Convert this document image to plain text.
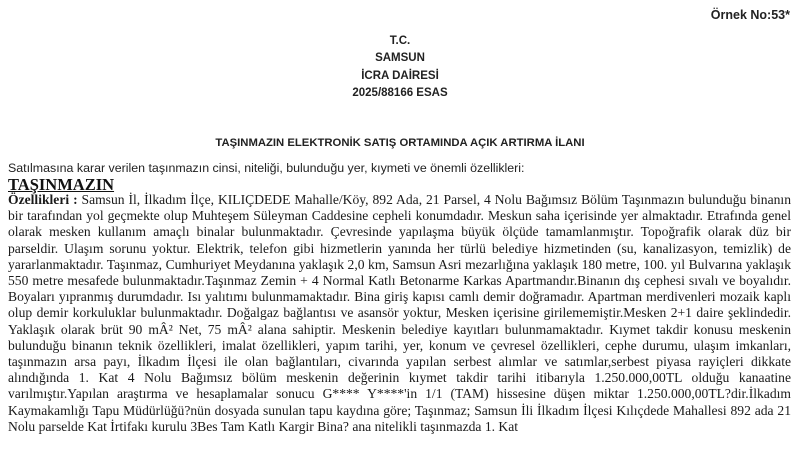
Örnek No:53*
T.C.
SAMSUN
İCRA DAİRESİ
2025/88166 ESAS
TAŞINMAZIN ELEKTRONİK SATIŞ ORTAMINDA AÇIK ARTIRMA İLANI
Satılmasına karar verilen taşınmazın cinsi, niteliği, bulunduğu yer, kıymeti ve önemli özellikleri:
TAŞINMAZIN
Özellikleri : Samsun İl, İlkadım İlçe, KILIÇDEDE Mahalle/Köy, 892 Ada, 21 Parsel, 4 Nolu Bağımsız Bölüm Taşınmazın bulunduğu binanın bir tarafından yol geçmekte olup Muhteşem Süleyman Caddesine cepheli konumdadır. Meskun saha içerisinde yer almaktadır. Etrafında genel olarak mesken kullanım amaçlı binalar bulunmaktadır. Çevresinde yapılaşma büyük ölçüde tamamlanmıştır. Topoğrafik olarak düz bir parseldir. Ulaşım sorunu yoktur. Elektrik, telefon gibi hizmetlerin yanında her türlü belediye hizmetinden (su, kanalizasyon, temizlik) de yararlanmaktadır. Taşınmaz, Cumhuriyet Meydanına yaklaşık 2,0 km, Samsun Asri mezarlığına yaklaşık 180 metre, 100. yıl Bulvarına yaklaşık 550 metre mesafede bulunmaktadır.Taşınmaz Zemin + 4 Normal Katlı Betonarme Karkas Apartmandır.Binanın dış cephesi sıvalı ve boyalıdır. Boyaları yıpranmış durumdadır. Isı yalıtımı bulunmamaktadır. Bina giriş kapısı camlı demir doğramadır. Apartman merdivenleri mozaik kaplı olup demir korkuluklar bulunmaktadır. Doğalgaz bağlantısı ve asansör yoktur, Mesken içerisine girilememiştir.Mesken 2+1 daire şeklindedir. Yaklaşık olarak brüt 90 mÂ² Net, 75 mÂ² alana sahiptir. Meskenin belediye kayıtları bulunmamaktadır. Kıymet takdir konusu meskenin bulunduğu binanın teknik özellikleri, imalat özellikleri, yapım tarihi, yer, konum ve çevresel özellikleri, cephe durumu, ulaşım imkanları, taşınmazın arsa payı, İlkadım İlçesi ile olan bağlantıları, civarında yapılan serbest alımlar ve satımlar,serbest piyasa rayiçleri dikkate alındığında 1. Kat 4 Nolu Bağımsız bölüm meskenin değerinin kıymet takdir tarihi itibarıyla 1.250.000,00TL olduğu kanaatine varılmıştır.Yapılan araştırma ve hesaplamalar sonucu G**** Y****'in 1/1 (TAM) hissesine düşen miktar 1.250.000,00TL?dir.İlkadım Kaymakamlığı Tapu Müdürlüğü?nün dosyada sunulan tapu kaydına göre; Taşınmaz; Samsun İli İlkadım İlçesi Kılıçdede Mahallesi 892 ada 21 Nolu parselde Kat İrtifakı kurulu 3Bes Tam Katlı Kargir Bina? ana nitelikli taşınmazda 1. Kat
